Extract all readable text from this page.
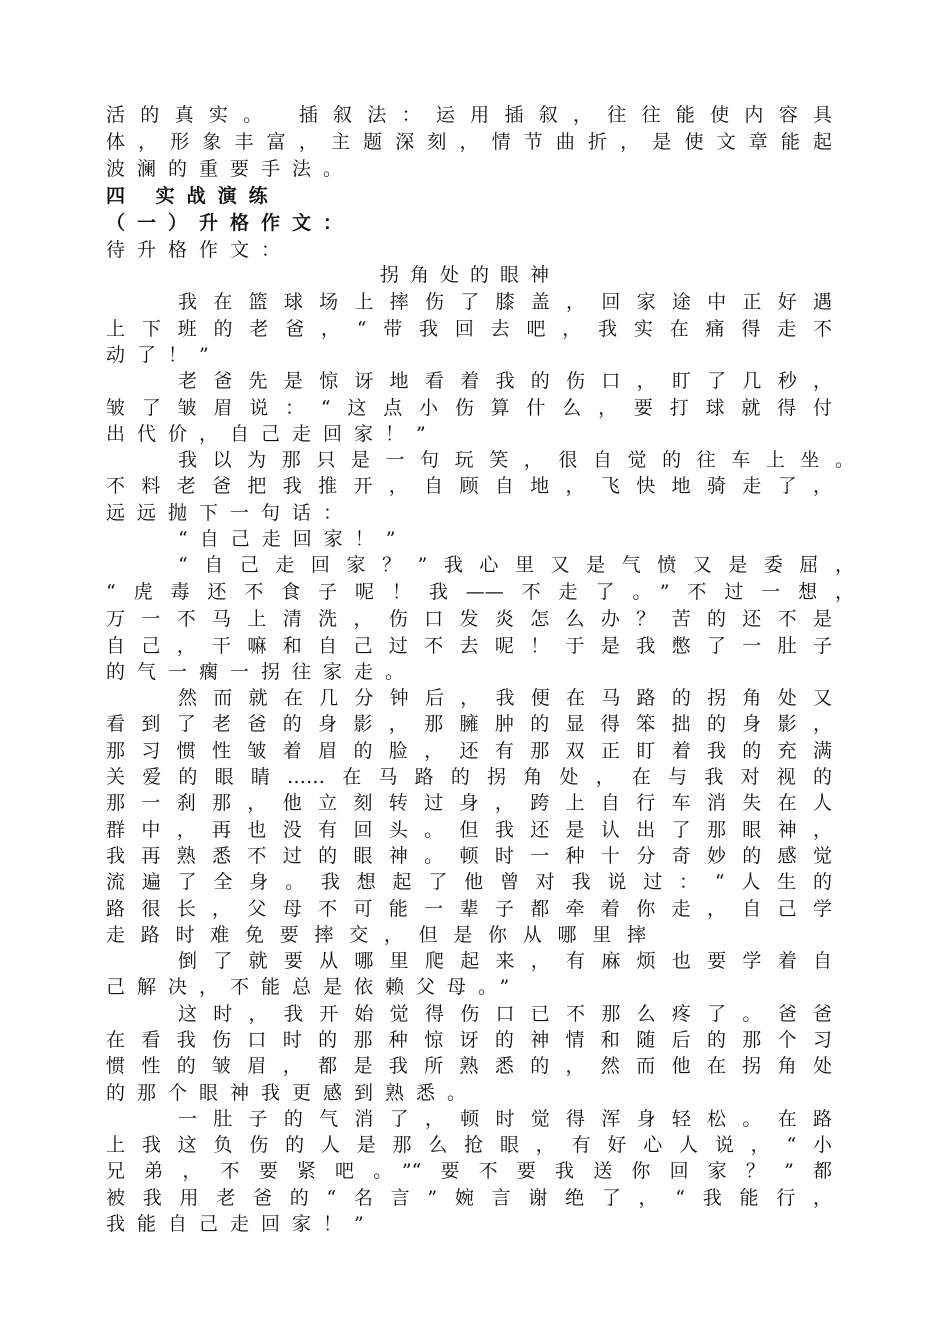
活的真实。 插叙法：运用插叙，往往能使内容具
体，形象丰富，主题深刻，情节曲折，是使文章能起
波澜的重要手法。
四 实战演练
（一）升格作文：
待升格作文：
拐角处的眼神
我在篮球场上摔伤了膝盖，回家途中正好遇
上下班的老爸，“带我回去吧，我实在痛得走不
动了！”
老爸先是惊讶地看着我的伤口，盯了几秒，
皱了皱眉说：“这点小伤算什么，要打球就得付
出代价，自己走回家！”
我以为那只是一句玩笑，很自觉的往车上坐。
不料老爸把我推开，自顾自地，飞快地骑走了，
远远抛下一句话：
“自己走回家！”
“自己走回家？”我心里又是气愤又是委屈，
“虎毒还不食子呢！我——不走了。”不过一想，
万一不马上清洗，伤口发炎怎么办？苦的还不是
自己，干嘛和自己过不去呢！于是我憋了一肚子
的气一瘸一拐往家走。
然而就在几分钟后，我便在马路的拐角处又
看到了老爸的身影，那臃肿的显得笨拙的身影，
那习惯性皱着眉的脸，还有那双正盯着我的充满
关爱的眼睛……在马路的拐角处，在与我对视的
那一刹那，他立刻转过身，跨上自行车消失在人
群中，再也没有回头。但我还是认出了那眼神，
我再熟悉不过的眼神。顿时一种十分奇妙的感觉
流遍了全身。我想起了他曾对我说过：“人生的
路很长，父母不可能一辈子都牵着你走，自己学
走路时难免要摔交，但是你从哪里摔
倒了就要从哪里爬起来，有麻烦也要学着自
己解决，不能总是依赖父母。”
这时，我开始觉得伤口已不那么疼了。爸爸
在看我伤口时的那种惊讶的神情和随后的那个习
惯性的皱眉，都是我所熟悉的，然而他在拐角处
的那个眼神我更感到熟悉。
一肚子的气消了，顿时觉得浑身轻松。在路
上我这负伤的人是那么抢眼，有好心人说，“小
兄弟，不要紧吧。”“要不要我送你回家？”都
被我用老爸的“名言”婉言谢绝了，“我能行，
我能自己走回家！”
